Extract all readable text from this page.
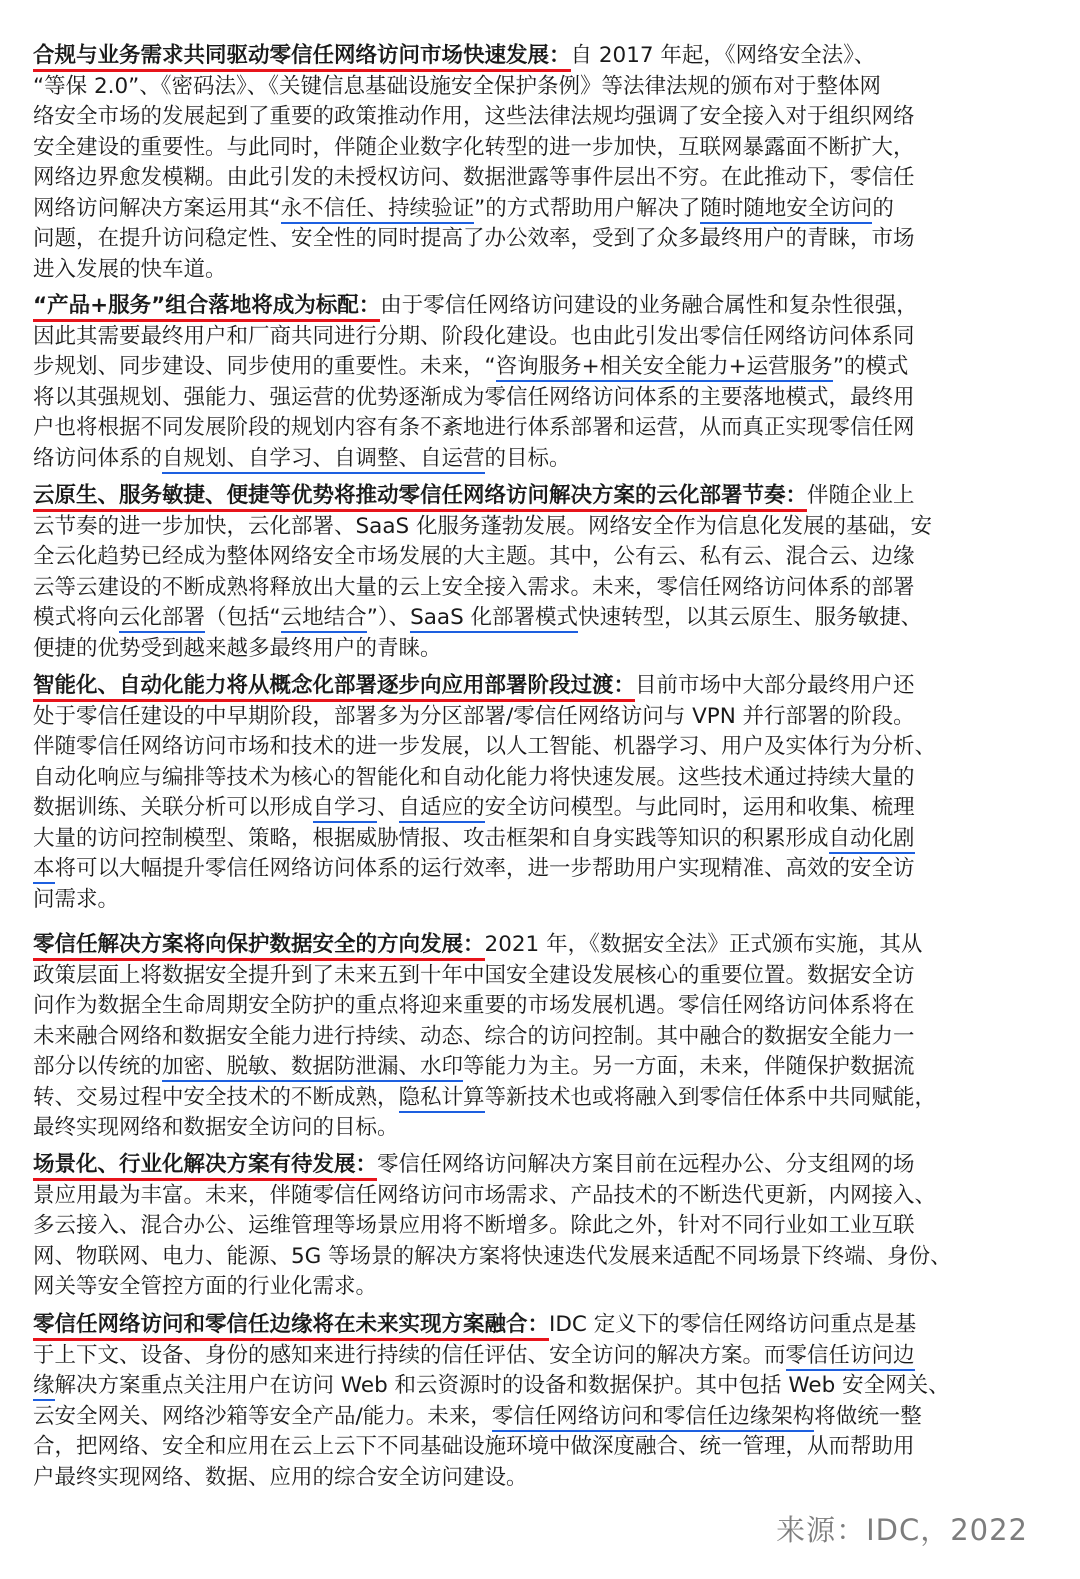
合规与业务需求共同驱动零信任网络访问市场快速发展：自 2017 年起，《网络安全法》、
“等保 2.0”、《密码法》、《关键信息基础设施安全保护条例》等法律法规的颁布对于整体网
络安全市场的发展起到了重要的政策推动作用，这些法律法规均强调了安全接入对于组织网络
安全建设的重要性。与此同时，伴随企业数字化转型的进一步加快，互联网暴露面不断扩大，
网络边界愈发模糊。由此引发的未授权访问、数据泄露等事件层出不穷。在此推动下，零信任
网络访问解决方案运用其“永不信任、持续验证”的方式帮助用户解决了随时随地安全访问的
问题，在提升访问稳定性、安全性的同时提高了办公效率，受到了众多最终用户的青睐，市场
进入发展的快车道。
“产品+服务”组合落地将成为标配：由于零信任网络访问建设的业务融合属性和复杂性很强，
因此其需要最终用户和厂商共同进行分期、阶段化建设。也由此引发出零信任网络访问体系同
步规划、同步建设、同步使用的重要性。未来，“咨询服务+相关安全能力+运营服务”的模式
将以其强规划、强能力、强运营的优势逐渐成为零信任网络访问体系的主要落地模式，最终用
户也将根据不同发展阶段的规划内容有条不紊地进行体系部署和运营，从而真正实现零信任网
络访问体系的自规划、自学习、自调整、自运营的目标。
云原生、服务敏捷、便捷等优势将推动零信任网络访问解决方案的云化部署节奏：伴随企业上
云节奏的进一步加快，云化部署、SaaS 化服务蓬勃发展。网络安全作为信息化发展的基础，安
全云化趋势已经成为整体网络安全市场发展的大主题。其中，公有云、私有云、混合云、边缘
云等云建设的不断成熟将释放出大量的云上安全接入需求。未来，零信任网络访问体系的部署
模式将向云化部署（包括“云地结合”）、SaaS 化部署模式快速转型，以其云原生、服务敏捷、
便捷的优势受到越来越多最终用户的青睐。
智能化、自动化能力将从概念化部署逐步向应用部署阶段过渡：目前市场中大部分最终用户还
处于零信任建设的中早期阶段，部署多为分区部署/零信任网络访问与 VPN 并行部署的阶段。
伴随零信任网络访问市场和技术的进一步发展，以人工智能、机器学习、用户及实体行为分析、
自动化响应与编排等技术为核心的智能化和自动化能力将快速发展。这些技术通过持续大量的
数据训练、关联分析可以形成自学习、自适应的安全访问模型。与此同时，运用和收集、梳理
大量的访问控制模型、策略，根据威胁情报、攻击框架和自身实践等知识的积累形成自动化剧
本将可以大幅提升零信任网络访问体系的运行效率，进一步帮助用户实现精准、高效的安全访
问需求。
零信任解决方案将向保护数据安全的方向发展：2021 年，《数据安全法》正式颁布实施，其从
政策层面上将数据安全提升到了未来五到十年中国安全建设发展核心的重要位置。数据安全访
问作为数据全生命周期安全防护的重点将迎来重要的市场发展机遇。零信任网络访问体系将在
未来融合网络和数据安全能力进行持续、动态、综合的访问控制。其中融合的数据安全能力一
部分以传统的加密、脱敏、数据防泄漏、水印等能力为主。另一方面，未来，伴随保护数据流
转、交易过程中安全技术的不断成熟，隐私计算等新技术也或将融入到零信任体系中共同赋能，
最终实现网络和数据安全访问的目标。
场景化、行业化解决方案有待发展：零信任网络访问解决方案目前在远程办公、分支组网的场
景应用最为丰富。未来，伴随零信任网络访问市场需求、产品技术的不断迭代更新，内网接入、
多云接入、混合办公、运维管理等场景应用将不断增多。除此之外，针对不同行业如工业互联
网、物联网、电力、能源、5G 等场景的解决方案将快速迭代发展来适配不同场景下终端、身份、
网关等安全管控方面的行业化需求。
零信任网络访问和零信任边缘将在未来实现方案融合：IDC 定义下的零信任网络访问重点是基
于上下文、设备、身份的感知来进行持续的信任评估、安全访问的解决方案。而零信任访问边
缘解决方案重点关注用户在访问 Web 和云资源时的设备和数据保护。其中包括 Web 安全网关、
云安全网关、网络沙箱等安全产品/能力。未来，零信任网络访问和零信任边缘架构将做统一整
合，把网络、安全和应用在云上云下不同基础设施环境中做深度融合、统一管理，从而帮助用
户最终实现网络、数据、应用的综合安全访问建设。
来源：IDC，2022
